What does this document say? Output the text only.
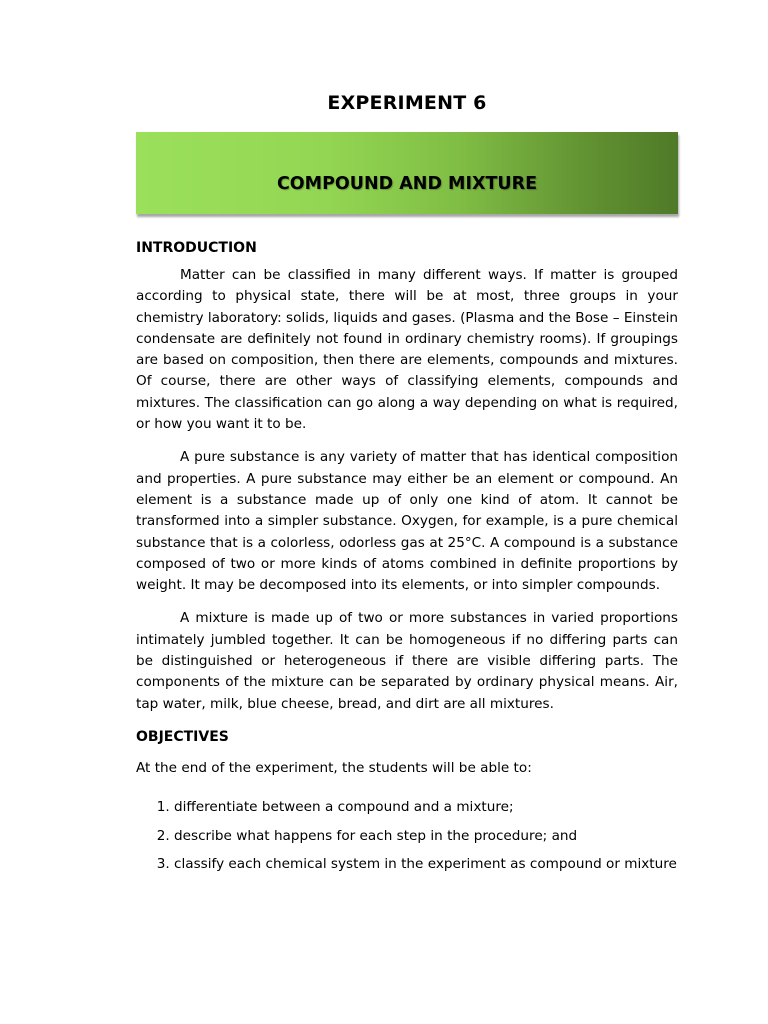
EXPERIMENT 6
COMPOUND AND MIXTURE
INTRODUCTION

Matter can be classified in many different ways. If matter is grouped according to physical state, there will be at most, three groups in your chemistry laboratory: solids, liquids and gases. (Plasma and the Bose – Einstein condensate are definitely not found in ordinary chemistry rooms). If groupings are based on composition, then there are elements, compounds and mixtures. Of course, there are other ways of classifying elements, compounds and mixtures. The classification can go along a way depending on what is required, or how you want it to be.

A pure substance is any variety of matter that has identical composition and properties. A pure substance may either be an element or compound. An element is a substance made up of only one kind of atom. It cannot be transformed into a simpler substance. Oxygen, for example, is a pure chemical substance that is a colorless, odorless gas at 25°C. A compound is a substance composed of two or more kinds of atoms combined in definite proportions by weight. It may be decomposed into its elements, or into simpler compounds.

A mixture is made up of two or more substances in varied proportions intimately jumbled together. It can be homogeneous if no differing parts can be distinguished or heterogeneous if there are visible differing parts. The components of the mixture can be separated by ordinary physical means. Air, tap water, milk, blue cheese, bread, and dirt are all mixtures.

OBJECTIVES
At the end of the experiment, the students will be able to:
1. differentiate between a compound and a mixture;
2. describe what happens for each step in the procedure; and
3. classify each chemical system in the experiment as compound or mixture
